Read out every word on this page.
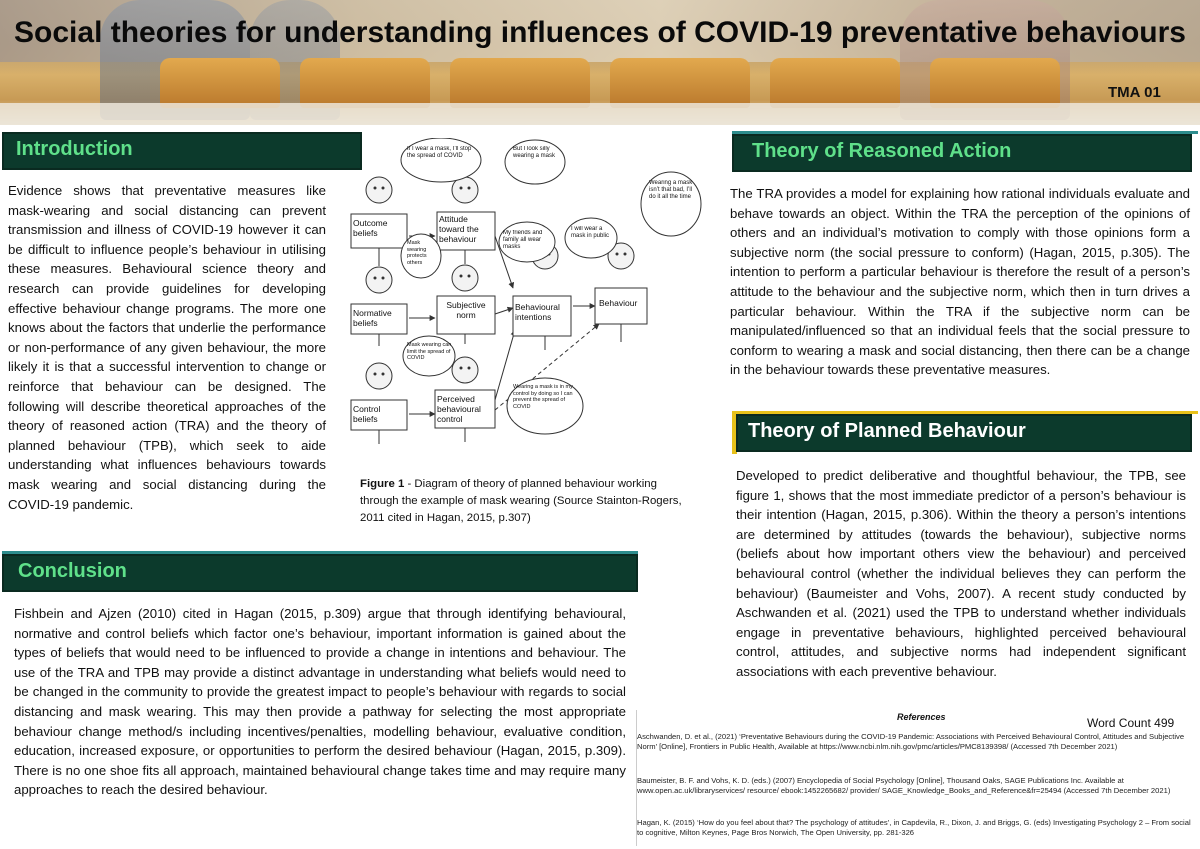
Social theories for understanding influences of COVID-19 preventative behaviours
TMA 01
Introduction
Evidence shows that preventative measures like mask-wearing and social distancing can prevent transmission and illness of COVID-19 however it can be difficult to influence people’s behaviour in utilising these measures. Behavioural science theory and research can provide guidelines for developing effective behaviour change programs. The more one knows about the factors that underlie the performance or non-performance of any given behaviour, the more likely it is that a successful intervention to change or reinforce that behaviour can be designed. The following will describe theoretical approaches of the theory of reasoned action (TRA) and the theory of planned behaviour (TPB), which seek to aide understanding what influences behaviours towards mask wearing and social distancing during the COVID-19 pandemic.
Theory of Reasoned Action
The TRA provides a model for explaining how rational individuals evaluate and behave towards an object. Within the TRA the perception of the opinions of others and an individual’s motivation to comply with those opinions form a subjective norm (the social pressure to conform) (Hagan, 2015, p.305). The intention to perform a particular behaviour is therefore the result of a person’s attitude to the behaviour and the subjective norm, which then in turn drives a particular behaviour. Within the TRA if the subjective norm can be manipulated/influenced so that an individual feels that the social pressure to conform to wearing a mask and social distancing, then there can be a change in the behaviour towards these preventative measures.
Theory of Planned Behaviour
Developed to predict deliberative and thoughtful behaviour, the TPB, see figure 1, shows that the most immediate predictor of a person’s behaviour is their intention (Hagan, 2015, p.306). Within the theory a person’s intentions are determined by attitudes (towards the behaviour), subjective norms (beliefs about how important others view the behaviour) and perceived behavioural control (whether the individual believes they can perform the behaviour) (Baumeister and Vohs, 2007). A recent study conducted by Aschwanden et al. (2021) used the TPB to understand whether individuals engage in preventative behaviours, highlighted perceived behavioural control, attitudes, and subjective norms had independent significant associations with each preventive behaviour.
Conclusion
Fishbein and Ajzen (2010) cited in Hagan (2015, p.309) argue that through identifying behavioural, normative and control beliefs which factor one’s behaviour, important information is gained about the types of beliefs that would need to be influenced to provide a change in intentions and behaviour. The use of the TRA and TPB may provide a distinct advantage in understanding what beliefs would need to be changed in the community to provide the greatest impact to people’s behaviour with regards to social distancing and mask wearing. This may then provide a pathway for selecting the most appropriate behaviour change method/s including incentives/penalties, modelling behaviour, evaluative condition, education, increased exposure, or opportunities to perform the desired behaviour (Hagan, 2015, p.309). There is no one shoe fits all approach, maintained behavioural change takes time and may require many approaches to reach the desired behaviour.
Outcome beliefs
Attitude toward the behaviour
Normative beliefs
Subjective norm
Behavioural intentions
Behaviour
Control beliefs
Perceived behavioural control
If I wear a mask, I’ll stop the spread of COVID
But I look silly wearing a mask
Wearing a mask isn’t that bad, I’ll do it all the time
Mask wearing protects others
My friends and family all wear masks
I will wear a mask in public
Mask wearing can limit the spread of COVID
Wearing a mask is in my control by doing so I can prevent the spread of COVID
Figure 1 - Diagram of theory of planned behaviour working through the example of mask wearing (Source Stainton-Rogers, 2011 cited in Hagan, 2015, p.307)
References	Word Count 499
Aschwanden, D. et al., (2021) ‘Preventative Behaviours during the COVID-19 Pandemic: Associations with Perceived Behavioural Control, Attitudes and Subjective Norm’ [Online], Frontiers in Public Health, Available at https://www.ncbi.nlm.nih.gov/pmc/articles/PMC8139398/ (Accessed 7th December 2021)
Baumeister, B. F. and Vohs, K. D. (eds.) (2007) Encyclopedia of Social Psychology [Online], Thousand Oaks, SAGE Publications Inc. Available at www.open.ac.uk/libraryservices/ resource/ ebook:1452265682/ provider/ SAGE_Knowledge_Books_and_Reference&fr=25494 (Accessed 7th December 2021)
Hagan, K. (2015) ‘How do you feel about that? The psychology of attitudes’, in Capdevila, R., Dixon, J. and Briggs, G. (eds) Investigating Psychology 2 – From social to cognitive, Milton Keynes, Page Bros Norwich, The Open University, pp. 281-326
